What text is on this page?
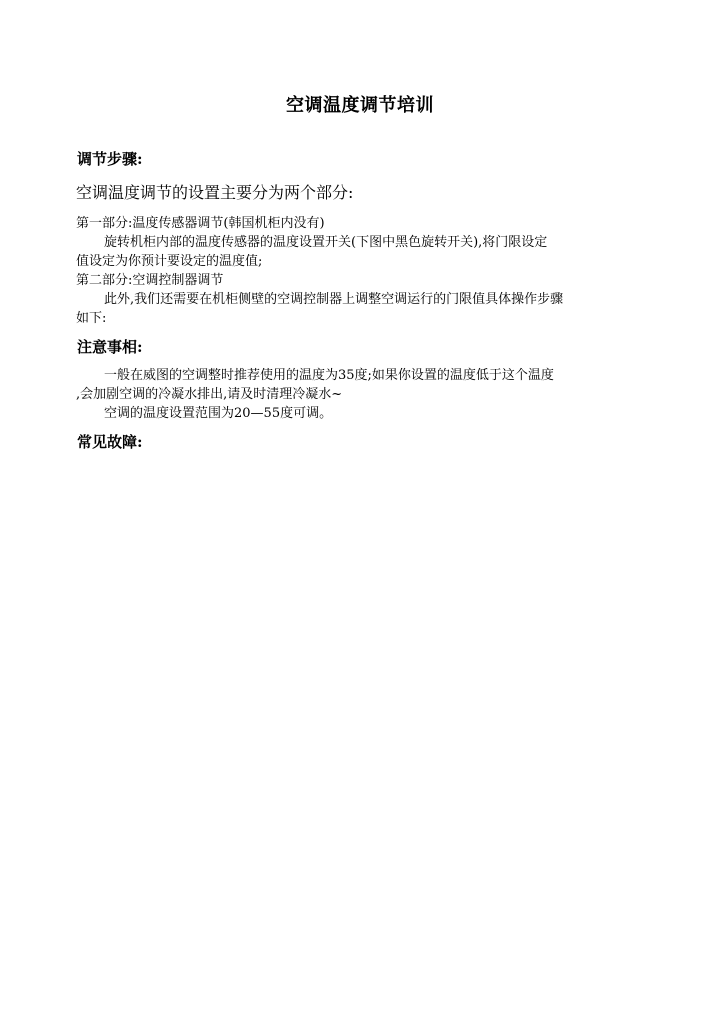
空调温度调节培训
调节步骤:
空调温度调节的设置主要分为两个部分:
第一部分:温度传感器调节(韩国机柜内没有)
旋转机柜内部的温度传感器的温度设置开关(下图中黑色旋转开关),将门限设定
值设定为你预计要设定的温度值;
第二部分:空调控制器调节
此外,我们还需要在机柜侧壁的空调控制器上调整空调运行的门限值具体操作步骤
如下:
注意事相:
一般在威图的空调整时推荐使用的温度为35度;如果你设置的温度低于这个温度
,会加剧空调的冷凝水排出,请及时清理冷凝水~
空调的温度设置范围为20—55度可调。
常见故障:
